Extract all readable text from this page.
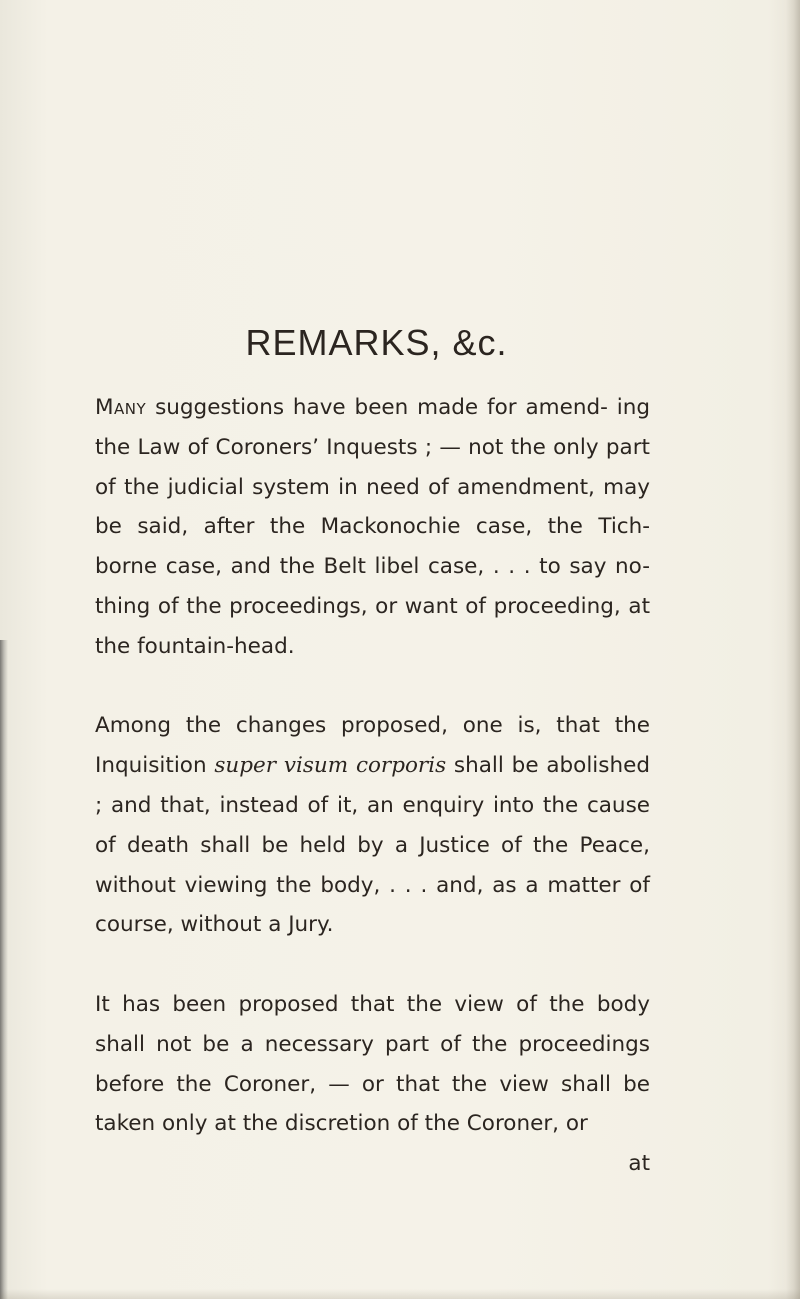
REMARKS, &c.

Many suggestions have been made for amend- ing the Law of Coroners’ Inquests ; — not the only part of the judicial system in need of amendment, may be said, after the Mackonochie case, the Tich- borne case, and the Belt libel case, . . . to say no- thing of the proceedings, or want of proceeding, at the fountain-head.

Among the changes proposed, one is, that the Inquisition super visum corporis shall be abolished ; and that, instead of it, an enquiry into the cause of death shall be held by a Justice of the Peace, without viewing the body, . . . and, as a matter of course, without a Jury.

It has been proposed that the view of the body shall not be a necessary part of the proceedings before the Coroner, — or that the view shall be taken only at the discretion of the Coroner, or
at
